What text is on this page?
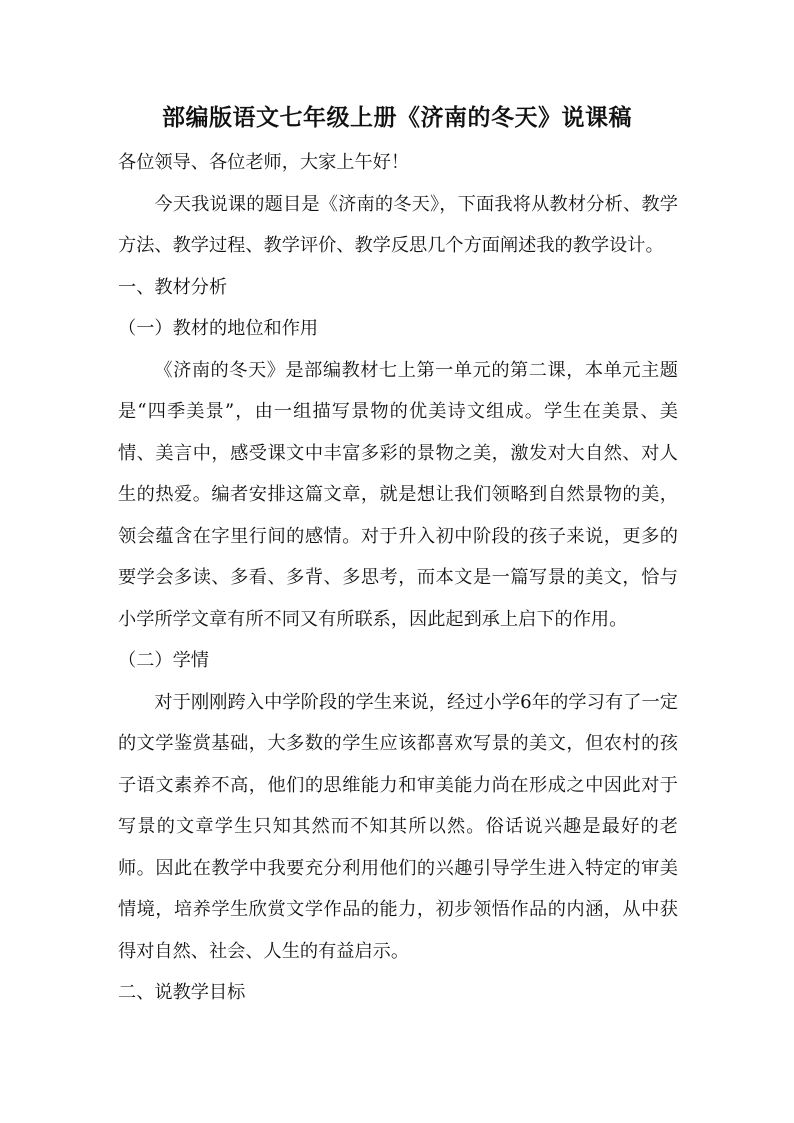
部编版语文七年级上册《济南的冬天》说课稿

各位领导、各位老师，大家上午好！

今天我说课的题目是《济南的冬天》，下面我将从教材分析、教学方法、教学过程、教学评价、教学反思几个方面阐述我的教学设计。

一、教材分析

（一）教材的地位和作用

《济南的冬天》是部编教材七上第一单元的第二课，本单元主题是“四季美景”，由一组描写景物的优美诗文组成。学生在美景、美情、美言中，感受课文中丰富多彩的景物之美，激发对大自然、对人生的热爱。编者安排这篇文章，就是想让我们领略到自然景物的美，领会蕴含在字里行间的感情。对于升入初中阶段的孩子来说，更多的要学会多读、多看、多背、多思考，而本文是一篇写景的美文，恰与小学所学文章有所不同又有所联系，因此起到承上启下的作用。

（二）学情

对于刚刚跨入中学阶段的学生来说，经过小学6年的学习有了一定的文学鉴赏基础，大多数的学生应该都喜欢写景的美文，但农村的孩子语文素养不高，他们的思维能力和审美能力尚在形成之中因此对于写景的文章学生只知其然而不知其所以然。俗话说兴趣是最好的老师。因此在教学中我要充分利用他们的兴趣引导学生进入特定的审美情境，培养学生欣赏文学作品的能力，初步领悟作品的内涵，从中获得对自然、社会、人生的有益启示。

二、说教学目标
